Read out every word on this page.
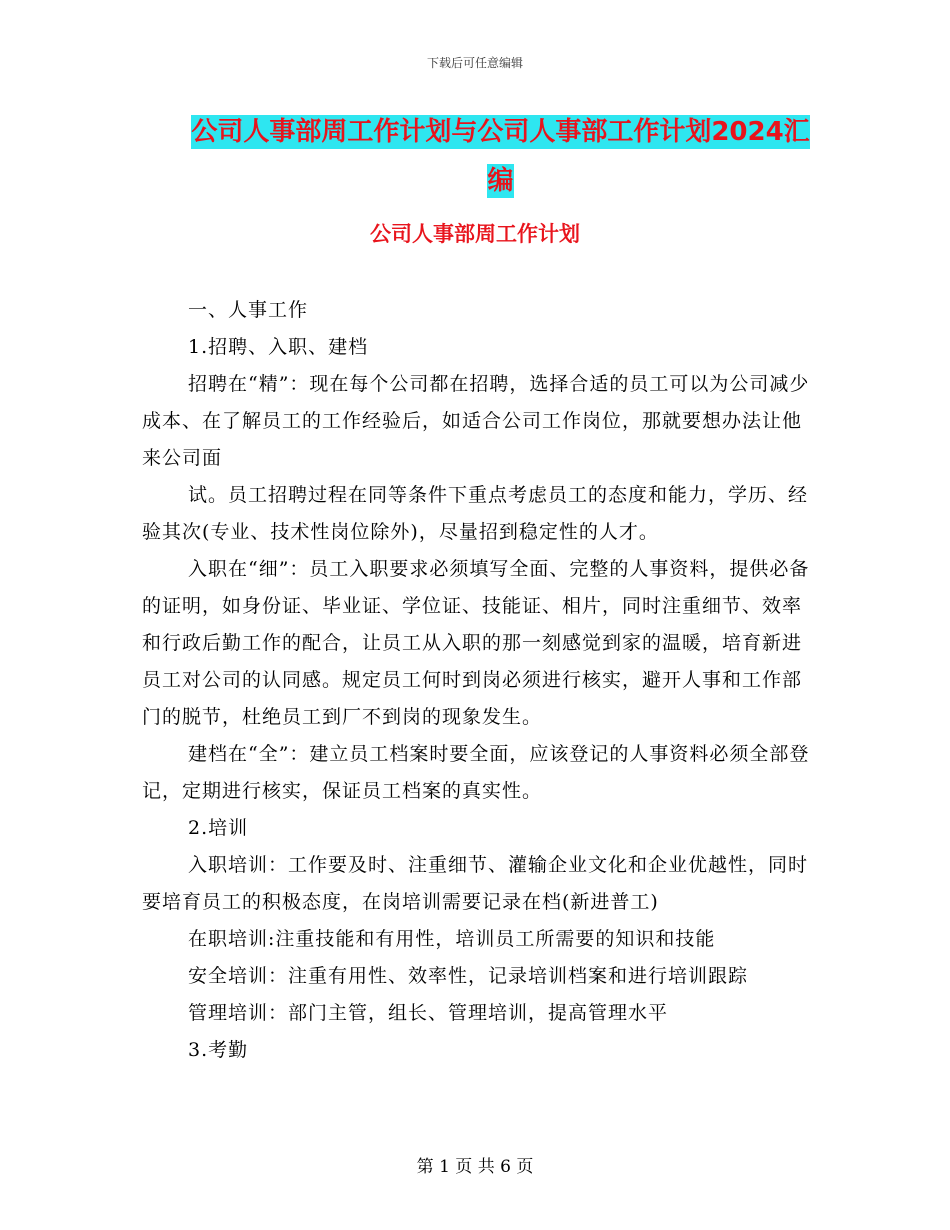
下载后可任意编辑
公司人事部周工作计划与公司人事部工作计划2024汇编
公司人事部周工作计划

一、人事工作

1.招聘、入职、建档

招聘在“精”：现在每个公司都在招聘，选择合适的员工可以为公司减少成本、在了解员工的工作经验后，如适合公司工作岗位，那就要想办法让他来公司面

试。员工招聘过程在同等条件下重点考虑员工的态度和能力，学历、经验其次(专业、技术性岗位除外)，尽量招到稳定性的人才。

入职在“细”：员工入职要求必须填写全面、完整的人事资料，提供必备的证明，如身份证、毕业证、学位证、技能证、相片，同时注重细节、效率和行政后勤工作的配合，让员工从入职的那一刻感觉到家的温暖，培育新进员工对公司的认同感。规定员工何时到岗必须进行核实，避开人事和工作部门的脱节，杜绝员工到厂不到岗的现象发生。

建档在“全”：建立员工档案时要全面，应该登记的人事资料必须全部登记，定期进行核实，保证员工档案的真实性。

2.培训

入职培训：工作要及时、注重细节、灌输企业文化和企业优越性，同时要培育员工的积极态度，在岗培训需要记录在档(新进普工)

在职培训:注重技能和有用性，培训员工所需要的知识和技能

安全培训：注重有用性、效率性，记录培训档案和进行培训跟踪

管理培训：部门主管，组长、管理培训，提高管理水平

3.考勤

第 1 页 共 6 页
